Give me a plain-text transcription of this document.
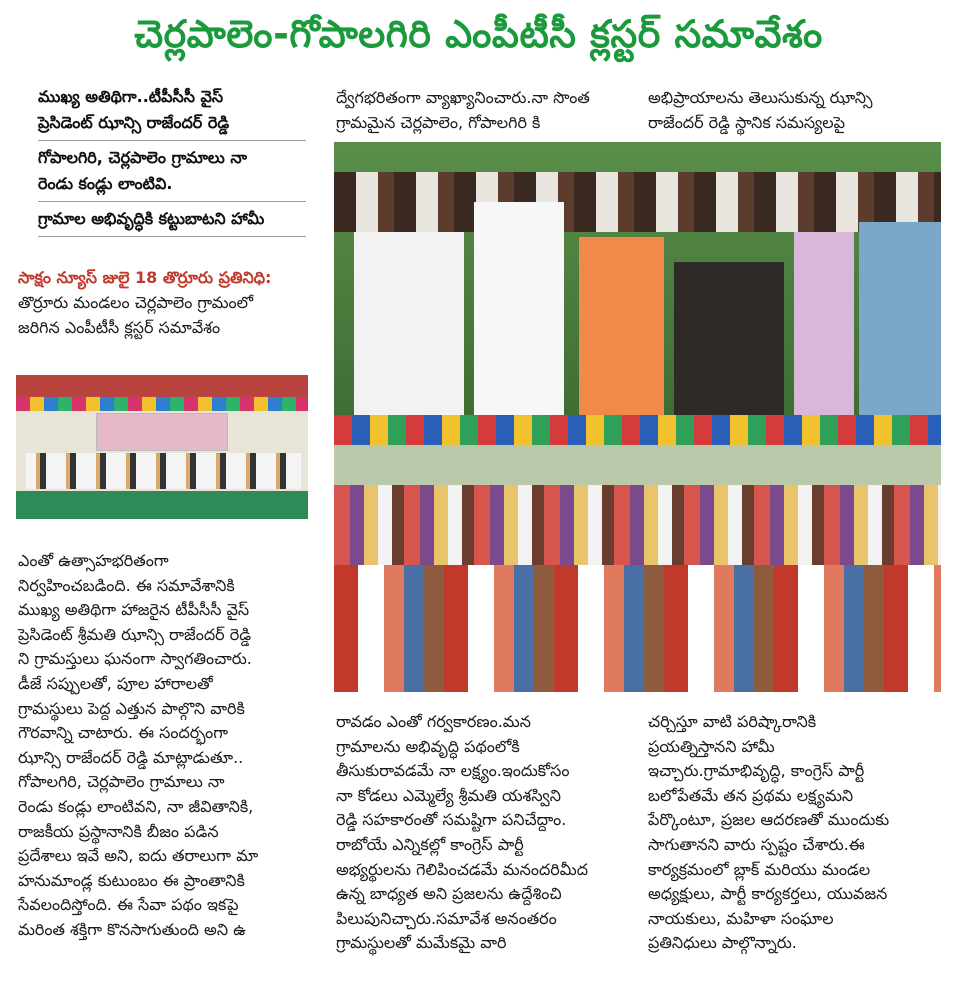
చెర్లపాలెం-గోపాలగిరి ఎంపీటీసీ క్లస్టర్ సమావేశం
ముఖ్య అతిథిగా..టీపీసీసీ వైస్
ప్రెసిడెంట్ ఝాన్సి రాజేందర్ రెడ్డి
గోపాలగిరి, చెర్లపాలెం గ్రామాలు నా
రెండు కండ్లు లాంటివి.
గ్రామాల అభివృద్ధికి కట్టుబాటని హామీ
సాక్షం న్యూస్ జులై 18 తొర్రూరు ప్రతినిధి:

తొర్రూరు మండలం చెర్లపాలెం గ్రామంలో

జరిగిన ఎంపీటీసీ క్లస్టర్ సమావేశం

ఎంతో ఉత్సాహభరితంగా

నిర్వహించబడింది. ఈ సమావేశానికి

ముఖ్య అతిథిగా హాజరైన టీపీసీసీ వైస్

ప్రెసిడెంట్ శ్రీమతి ఝాన్సి రాజేందర్ రెడ్డి

ని గ్రామస్తులు ఘనంగా స్వాగతించారు.

డీజే సప్పులతో, పూల హారాలతో

గ్రామస్థులు పెద్ద ఎత్తున పాల్గొని వారికి

గౌరవాన్ని చాటారు. ఈ సందర్భంగా

ఝాన్సి రాజేందర్ రెడ్డి మాట్లాడుతూ..

గోపాలగిరి, చెర్లపాలెం గ్రామాలు నా

రెండు కండ్లు లాంటివని, నా జీవితానికి,

రాజకీయ ప్రస్థానానికి బీజం పడిన

ప్రదేశాలు ఇవే అని, ఐదు తరాలుగా మా

హనుమాండ్ల కుటుంబం ఈ ప్రాంతానికి

సేవలందిస్తోంది. ఈ సేవా పథం ఇకపై

మరింత శక్తిగా కొనసాగుతుంది అని ఉ

ద్వేగభరితంగా వ్యాఖ్యానించారు.నా సొంత

గ్రామమైన చెర్లపాలెం, గోపాలగిరి కి

అభిప్రాయాలను తెలుసుకున్న ఝాన్సి

రాజేందర్ రెడ్డి స్థానిక సమస్యలపై

రావడం ఎంతో గర్వకారణం.మన

గ్రామాలను అభివృద్ధి పథంలోకి

తీసుకురావడమే నా లక్ష్యం.ఇందుకోసం

నా కోడలు ఎమ్మెల్యే శ్రీమతి యశస్విని

రెడ్డి సహకారంతో సమష్టిగా పనిచేద్దాం.

రాబోయే ఎన్నికల్లో కాంగ్రెస్ పార్టీ

అభ్యర్థులను గెలిపించడమే మనందరిమీద

ఉన్న బాధ్యత అని ప్రజలను ఉద్దేశించి

పిలుపునిచ్చారు.సమావేశ అనంతరం

గ్రామస్థులతో మమేకమై వారి

చర్చిస్తూ వాటి పరిష్కారానికి

ప్రయత్నిస్తానని హామీ

ఇచ్చారు.గ్రామాభివృద్ధి, కాంగ్రెస్ పార్టీ

బలోపేతమే తన ప్రథమ లక్ష్యమని

పేర్కొంటూ, ప్రజల ఆదరణతో ముందుకు

సాగుతానని వారు స్పష్టం చేశారు.ఈ

కార్యక్రమంలో బ్లాక్ మరియు మండల

అధ్యక్షులు, పార్టీ కార్యకర్తలు, యువజన

నాయకులు, మహిళా సంఘాల

ప్రతినిధులు పాల్గొన్నారు.
